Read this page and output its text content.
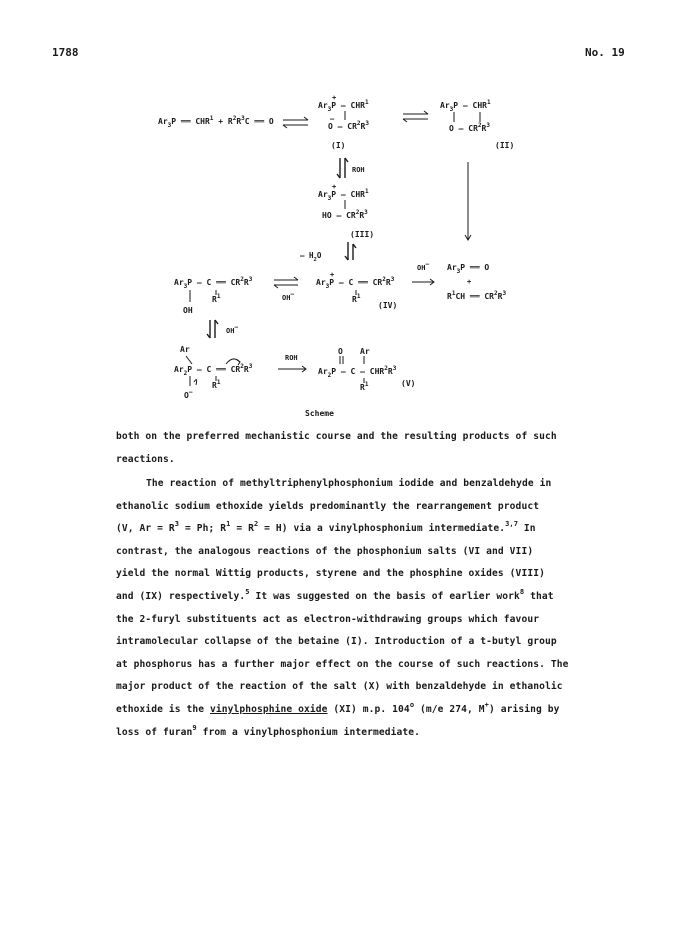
1788	No. 19
$Ar_3P$ ══ $CHR^1 + R^2R^3C$ ══ O
$Ar_3P$ — $CHR^1$
+
O — $CR^2R^3$
–
(I)
$Ar_3P$ — CHR$^1$
O — $CR^2R^3$
(II)
ROH
$Ar_3P$ — $CHR^1$
+
HO — $CR^2R^3$
(III)
— $H_2O$
$Ar_3P$ — C ══ $CR^2R^3$
$R^1$
OH
OH–
$Ar_3P$ — C ══ $CR^2R^3$
+
$R^1$
(IV)
OH– $Ar_3P$ ══ O
+
$R^1CH$ ══ $CR^2R^3$
OH–
Ar
$Ar_2P$ — C ══ $CR^2R^3$
$R^1$
O–
ROH
O Ar
$Ar_2P$ — C — $CHR^2R^3$
$R^1$	(V)
Scheme

both on the preferred mechanistic course and the resulting products of such

reactions.

The reaction of methyltriphenylphosphonium iodide and benzaldehyde in

ethanolic sodium ethoxide yields predominantly the rearrangement product

(V, $Ar = R^3 = Ph$; $R^1 = R^2 = H$) via a vinylphosphonium intermediate.$^{3,7}$ In

contrast, the analogous reactions of the phosphonium salts (VI and VII)

yield the normal Wittig products, styrene and the phosphine oxides (VIII)

and (IX) respectively.$^5$ It was suggested on the basis of earlier work$^8$ that

the 2-furyl substituents act as electron-withdrawing groups which favour

intramolecular collapse of the betaine (I). Introduction of a t-butyl group

at phosphorus has a further major effect on the course of such reactions. The

major product of the reaction of the salt (X) with benzaldehyde in ethanolic

ethoxide is the vinylphosphine oxide (XI) m.p. 104$^o$ (m/e 274, M+) arising by

loss of furan$^9$ from a vinylphosphonium intermediate.
